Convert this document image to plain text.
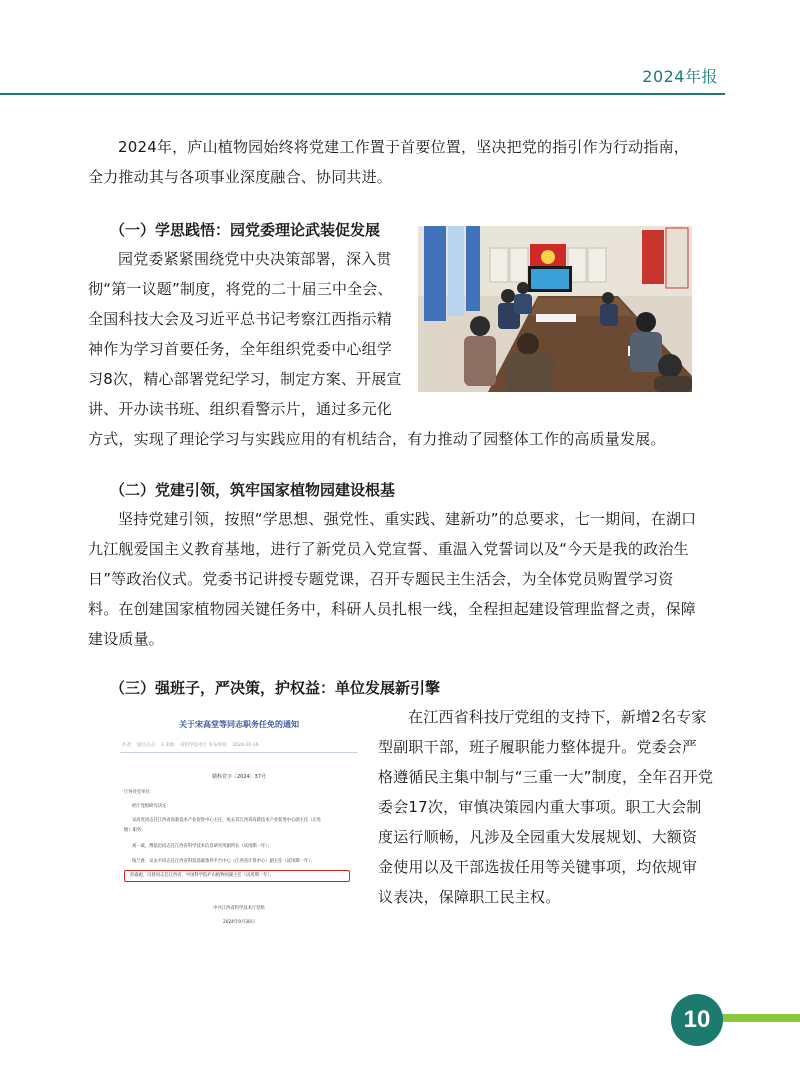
2024年报

2024年，庐山植物园始终将党建工作置于首要位置，坚决把党的指引作为行动指南，
全力推动其与各项事业深度融合、协同共进。

（一）学思践悟：园党委理论武装促发展

园党委紧紧围绕党中央决策部署，深入贯
彻“第一议题”制度，将党的二十届三中全会、
全国科技大会及习近平总书记考察江西指示精
神作为学习首要任务，全年组织党委中心组学
习8次，精心部署党纪学习，制定方案、开展宣
讲、开办读书班、组织看警示片，通过多元化
方式，实现了理论学习与实践应用的有机结合，有力推动了园整体工作的高质量发展。

（二）党建引领，筑牢国家植物园建设根基

坚持党建引领，按照“学思想、强党性、重实践、建新功”的总要求，七一期间，在湖口
九江舰爱国主义教育基地，进行了新党员入党宣誓、重温入党誓词以及“今天是我的政治生
日”等政治仪式。党委书记讲授专题党课，召开专题民主生活会，为全体党员购置学习资
料。在创建国家植物园关键任务中，科研人员扎根一线，全程担起建设管理监督之责，保障
建设质量。

（三）强班子，严决策，护权益：单位发展新引擎
关于宋高堂等同志职务任免的通知
作者： 园区点击： 3 来源： 省科学技术厅 发布时间： 2024-10-16
赣科党字〔2024〕37号
厅各处室单位：
经厅党组研究决定：
宋高堂同志任江西省高新技术产业促进中心主任，免去其江西省高新技术产业促进中心副主任（正处
级）职务；
刘一威、傅依迟同志任江西省科学技术信息研究所副所长（试用期一年）；
钱兰香、吴去平同志任江西省科技基础条件平台中心（江西省计算中心）副主任（试用期一年）；
彭森彪、冯晨同志任江西省、中国科学院庐山植物园副主任（试用期一年）。
中共江西省科学技术厅党组
2024年9月30日

在江西省科技厅党组的支持下，新增2名专家
型副职干部，班子履职能力整体提升。党委会严
格遵循民主集中制与“三重一大”制度，全年召开党
委会17次，审慎决策园内重大事项。职工大会制
度运行顺畅，凡涉及全园重大发展规划、大额资
金使用以及干部选拔任用等关键事项，均依规审
议表决，保障职工民主权。

10
